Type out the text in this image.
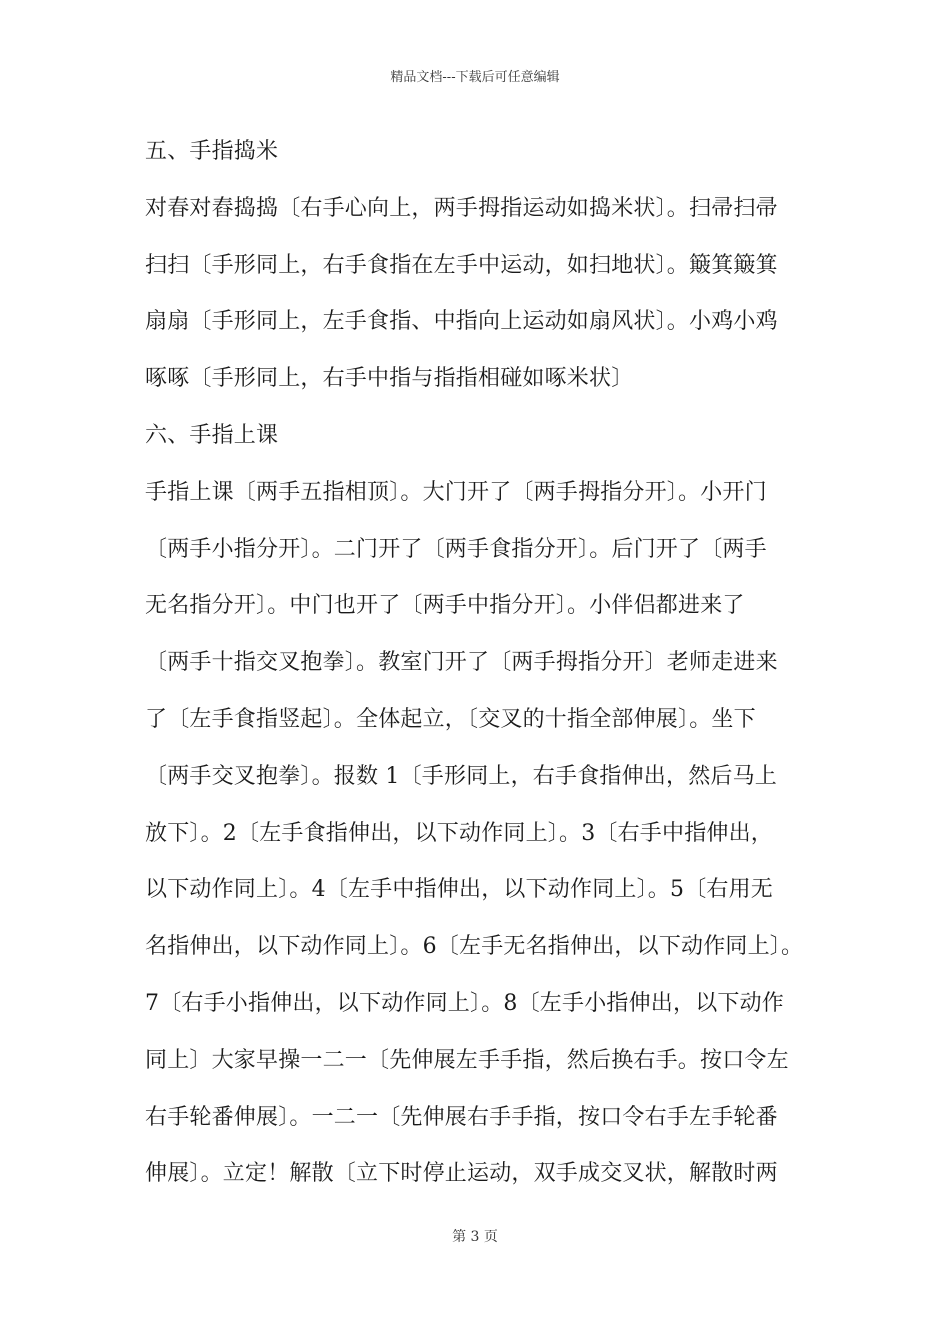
精品文档---下载后可任意编辑
五、手指捣米
对春对舂捣捣〔右手心向上，两手拇指运动如捣米状〕。扫帚扫帚
扫扫〔手形同上，右手食指在左手中运动，如扫地状〕。簸箕簸箕
扇扇〔手形同上，左手食指、中指向上运动如扇风状〕。小鸡小鸡
啄啄〔手形同上，右手中指与指指相碰如啄米状〕
六、手指上课
手指上课〔两手五指相顶〕。大门开了〔两手拇指分开〕。小开门
〔两手小指分开〕。二门开了〔两手食指分开〕。后门开了〔两手
无名指分开〕。中门也开了〔两手中指分开〕。小伴侣都进来了
〔两手十指交叉抱拳〕。教室门开了〔两手拇指分开〕老师走进来
了〔左手食指竖起〕。全体起立，〔交叉的十指全部伸展〕。坐下
〔两手交叉抱拳〕。报数 1〔手形同上，右手食指伸出，然后马上
放下〕。2〔左手食指伸出，以下动作同上〕。3〔右手中指伸出，
以下动作同上〕。4〔左手中指伸出，以下动作同上〕。5〔右用无
名指伸出，以下动作同上〕。6〔左手无名指伸出，以下动作同上〕。
7〔右手小指伸出，以下动作同上〕。8〔左手小指伸出，以下动作
同上〕大家早操一二一〔先伸展左手手指，然后换右手。按口令左
右手轮番伸展〕。一二一〔先伸展右手手指，按口令右手左手轮番
伸展〕。立定！解散〔立下时停止运动，双手成交叉状，解散时两
第 3 页
